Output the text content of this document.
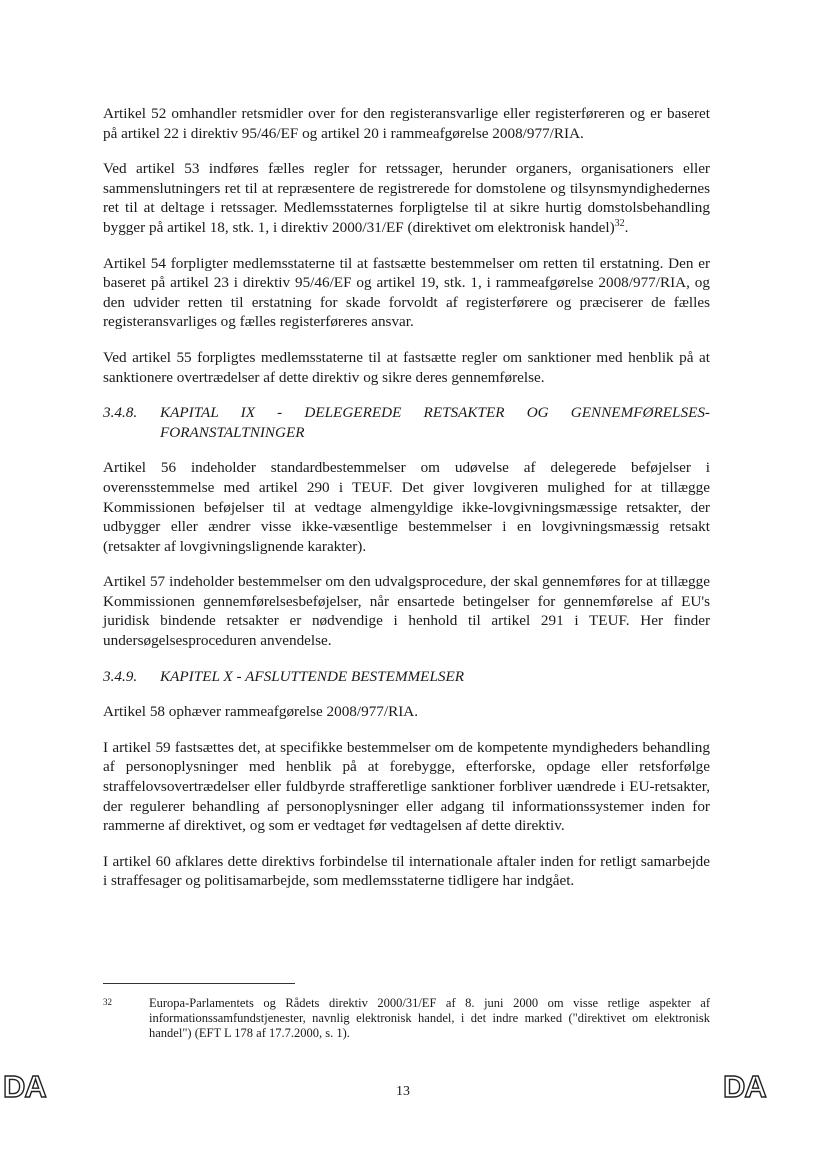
Artikel 52 omhandler retsmidler over for den registeransvarlige eller registerføreren og er baseret på artikel 22 i direktiv 95/46/EF og artikel 20 i rammeafgørelse 2008/977/RIA.

Ved artikel 53 indføres fælles regler for retssager, herunder organers, organisationers eller sammenslutningers ret til at repræsentere de registrerede for domstolene og tilsynsmyndighedernes ret til at deltage i retssager. Medlemsstaternes forpligtelse til at sikre hurtig domstolsbehandling bygger på artikel 18, stk. 1, i direktiv 2000/31/EF (direktivet om elektronisk handel)$^{32}$.

Artikel 54 forpligter medlemsstaterne til at fastsætte bestemmelser om retten til erstatning. Den er baseret på artikel 23 i direktiv 95/46/EF og artikel 19, stk. 1, i rammeafgørelse 2008/977/RIA, og den udvider retten til erstatning for skade forvoldt af registerførere og præciserer de fælles registeransvarliges og fælles registerføreres ansvar.

Ved artikel 55 forpligtes medlemsstaterne til at fastsætte regler om sanktioner med henblik på at sanktionere overtrædelser af dette direktiv og sikre deres gennemførelse.

3.4.8.	KAPITAL IX - DELEGEREDE RETSAKTER OG GENNEMFØRELSES-FORANSTALTNINGER

Artikel 56 indeholder standardbestemmelser om udøvelse af delegerede beføjelser i overensstemmelse med artikel 290 i TEUF. Det giver lovgiveren mulighed for at tillægge Kommissionen beføjelser til at vedtage almengyldige ikke-lovgivningsmæssige retsakter, der udbygger eller ændrer visse ikke-væsentlige bestemmelser i en lovgivningsmæssig retsakt (retsakter af lovgivningslignende karakter).

Artikel 57 indeholder bestemmelser om den udvalgsprocedure, der skal gennemføres for at tillægge Kommissionen gennemførelsesbeføjelser, når ensartede betingelser for gennemførelse af EU's juridisk bindende retsakter er nødvendige i henhold til artikel 291 i TEUF. Her finder undersøgelsesproceduren anvendelse.

3.4.9.	KAPITEL X - AFSLUTTENDE BESTEMMELSER

Artikel 58 ophæver rammeafgørelse 2008/977/RIA.

I artikel 59 fastsættes det, at specifikke bestemmelser om de kompetente myndigheders behandling af personoplysninger med henblik på at forebygge, efterforske, opdage eller retsforfølge straffelovsovertrædelser eller fuldbyrde strafferetlige sanktioner forbliver uændrede i EU-retsakter, der regulerer behandling af personoplysninger eller adgang til informationssystemer inden for rammerne af direktivet, og som er vedtaget før vedtagelsen af dette direktiv.

I artikel 60 afklares dette direktivs forbindelse til internationale aftaler inden for retligt samarbejde i straffesager og politisamarbejde, som medlemsstaterne tidligere har indgået.

32	Europa-Parlamentets og Rådets direktiv 2000/31/EF af 8. juni 2000 om visse retlige aspekter af informationssamfundstjenester, navnlig elektronisk handel, i det indre marked ("direktivet om elektronisk handel") (EFT L 178 af 17.7.2000, s. 1).
DA	13	DA
